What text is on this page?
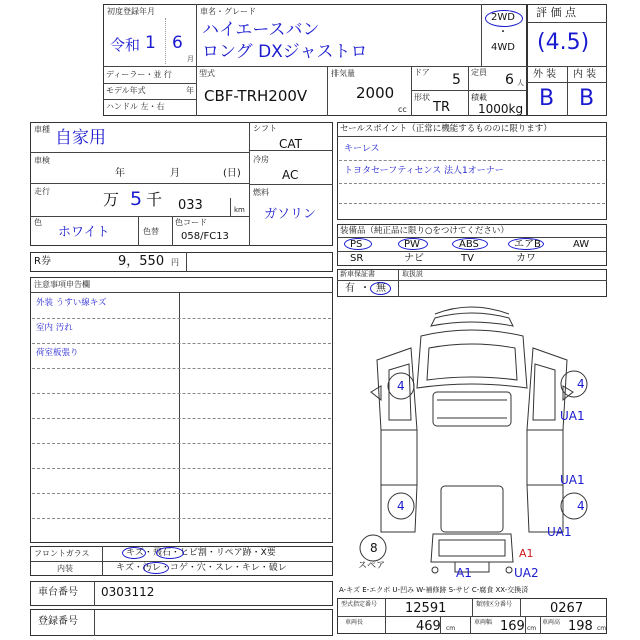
初度登録年月
令和 1 6
月
車名・グレード
ハイエースバン
ロング DXジャストロ
2WD
・
4WD
ディーラー・並 行
モデル年式	年
ハンドル 左・右
型式
CBF-TRH200V
排気量
2000
cc
ドア 5 定員 6 人
形状
TR
積載
1000kg
評 価 点
(4.5)
外 装 内 装
B B
車種 自家用
車検
年	月	(日)
走行	万 5 千 033	km
色
ホワイト	色替
色コード
058/FC13
シフト
CAT
冷房
AC
燃料
ガソリン
R券	9，550 円
セールスポイント（正常に機能するもののに限ります）
キーレス
トヨタセーフティセンス 法人1オーナー
装備品（純正品に限り○をつけてください）
PS	PW	ABS	エアB	AW
SR	ナビ	TV	カワ
新車保証書	取扱説
有 ・ 無
注意事項申告欄
外装 うすい線キズ
室内 汚れ
荷室板張り
フロントガラス	キズ・飛石・ヒビ割・リペア跡・X要
内装	キズ・汚レ・コゲ・穴・スレ・キレ・破レ
車台番号 0303112
登録番号
4	4
UA1
UA1
4	4
UA1
8
スペア
A1
A1	UA2
A-キズ E-エクボ U-凹み W-補修跡 S-サビ C-腐食 XX-交換済
型式指定番号 12591	類別区分番号	0267
車両長	469 cm
車両幅 169 cm
車両高 198 cm
